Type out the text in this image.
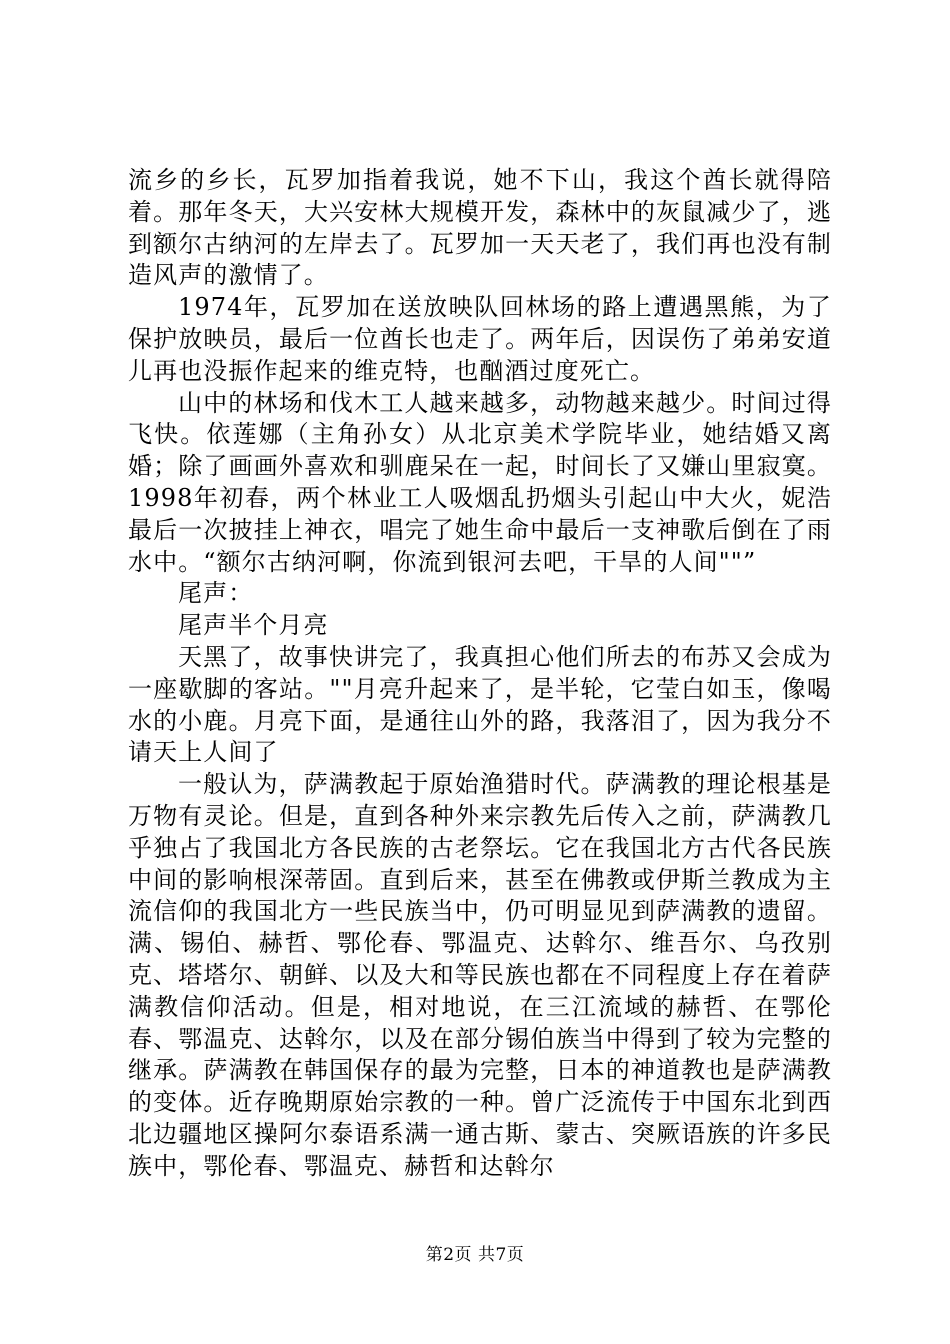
流乡的乡长，瓦罗加指着我说，她不下山，我这个酋长就得陪着。那年冬天，大兴安林大规模开发，森林中的灰鼠减少了，逃到额尔古纳河的左岸去了。瓦罗加一天天老了，我们再也没有制造风声的激情了。

1974年，瓦罗加在送放映队回林场的路上遭遇黑熊，为了保护放映员，最后一位酋长也走了。两年后，因误伤了弟弟安道儿再也没振作起来的维克特，也酗酒过度死亡。

山中的林场和伐木工人越来越多，动物越来越少。时间过得飞快。依莲娜（主角孙女）从北京美术学院毕业，她结婚又离婚；除了画画外喜欢和驯鹿呆在一起，时间长了又嫌山里寂寞。1998年初春，两个林业工人吸烟乱扔烟头引起山中大火，妮浩最后一次披挂上神衣，唱完了她生命中最后一支神歌后倒在了雨水中。“额尔古纳河啊，你流到银河去吧，干旱的人间""”

尾声：

尾声半个月亮

天黑了，故事快讲完了，我真担心他们所去的布苏又会成为一座歇脚的客站。""月亮升起来了，是半轮，它莹白如玉，像喝水的小鹿。月亮下面，是通往山外的路，我落泪了，因为我分不请天上人间了

一般认为，萨满教起于原始渔猎时代。萨满教的理论根基是万物有灵论。但是，直到各种外来宗教先后传入之前，萨满教几乎独占了我国北方各民族的古老祭坛。它在我国北方古代各民族中间的影响根深蒂固。直到后来，甚至在佛教或伊斯兰教成为主流信仰的我国北方一些民族当中，仍可明显见到萨满教的遗留。满、锡伯、赫哲、鄂伦春、鄂温克、达斡尔、维吾尔、乌孜别克、塔塔尔、朝鲜、以及大和等民族也都在不同程度上存在着萨满教信仰活动。但是，相对地说，在三江流域的赫哲、在鄂伦春、鄂温克、达斡尔，以及在部分锡伯族当中得到了较为完整的继承。萨满教在韩国保存的最为完整，日本的神道教也是萨满教的变体。近存晚期原始宗教的一种。曾广泛流传于中国东北到西北边疆地区操阿尔泰语系满一通古斯、蒙古、突厥语族的许多民族中，鄂伦春、鄂温克、赫哲和达斡尔

第2页 共7页
